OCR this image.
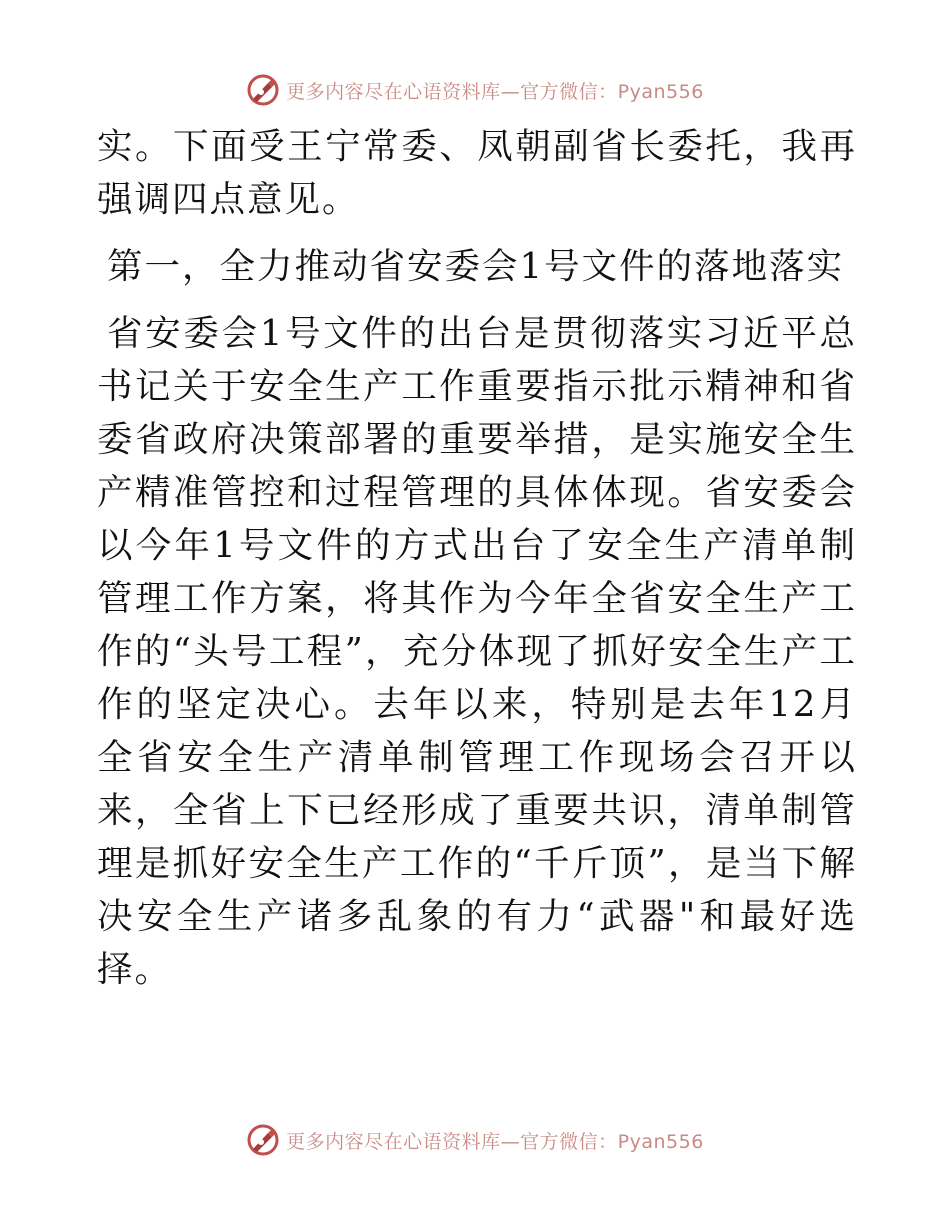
更多内容尽在心语资料库—官方微信：Pyan556

实。下面受王宁常委、凤朝副省长委托，我再强调四点意见。

第一，全力推动省安委会1号文件的落地落实

省安委会1号文件的出台是贯彻落实习近平总书记关于安全生产工作重要指示批示精神和省委省政府决策部署的重要举措，是实施安全生产精准管控和过程管理的具体体现。省安委会以今年1号文件的方式出台了安全生产清单制管理工作方案，将其作为今年全省安全生产工作的“头号工程”，充分体现了抓好安全生产工作的坚定决心。去年以来，特别是去年12月全省安全生产清单制管理工作现场会召开以来，全省上下已经形成了重要共识，清单制管理是抓好安全生产工作的“千斤顶”，是当下解决安全生产诸多乱象的有力“武器"和最好选择。

更多内容尽在心语资料库—官方微信：Pyan556
